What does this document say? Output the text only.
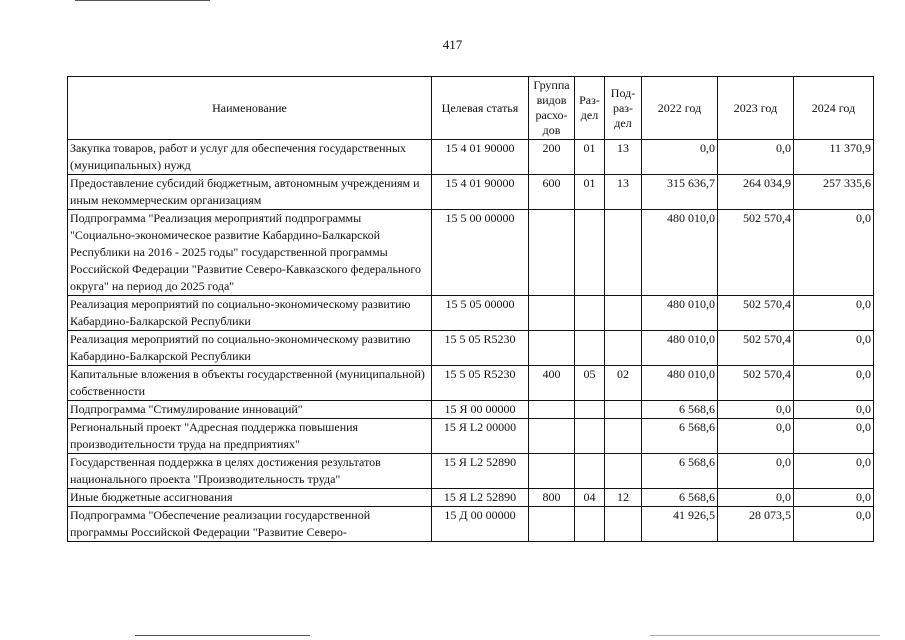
417
Наименование	Целевая статья	Группа видов расхо-дов	Раз-дел	Под-раз-дел	2022 год	2023 год	2024 год
Закупка товаров, работ и услуг для обеспечения государственных (муниципальных) нужд	15 4 01 90000	200	01	13	0,0	0,0	11 370,9
Предоставление субсидий бюджетным, автономным учреждениям и иным некоммерческим организациям	15 4 01 90000	600	01	13	315 636,7	264 034,9	257 335,6
Подпрограмма "Реализация мероприятий подпрограммы "Социально-экономическое развитие Кабардино-Балкарской Республики на 2016 - 2025 годы" государственной программы Российской Федерации "Развитие Северо-Кавказского федерального округа" на период до 2025 года"	15 5 00 00000				480 010,0	502 570,4	0,0
Реализация мероприятий по социально-экономическому развитию Кабардино-Балкарской Республики	15 5 05 00000				480 010,0	502 570,4	0,0
Реализация мероприятий по социально-экономическому развитию Кабардино-Балкарской Республики	15 5 05 R5230				480 010,0	502 570,4	0,0
Капитальные вложения в объекты государственной (муниципальной) собственности	15 5 05 R5230	400	05	02	480 010,0	502 570,4	0,0
Подпрограмма "Стимулирование инноваций"	15 Я 00 00000				6 568,6	0,0	0,0
Региональный проект "Адресная поддержка повышения производительности труда на предприятиях"	15 Я L2 00000				6 568,6	0,0	0,0
Государственная поддержка в целях достижения результатов национального проекта "Производительность труда"	15 Я L2 52890				6 568,6	0,0	0,0
Иные бюджетные ассигнования	15 Я L2 52890	800	04	12	6 568,6	0,0	0,0
Подпрограмма "Обеспечение реализации государственной программы Российской Федерации "Развитие Северо-	15 Д 00 00000				41 926,5	28 073,5	0,0
